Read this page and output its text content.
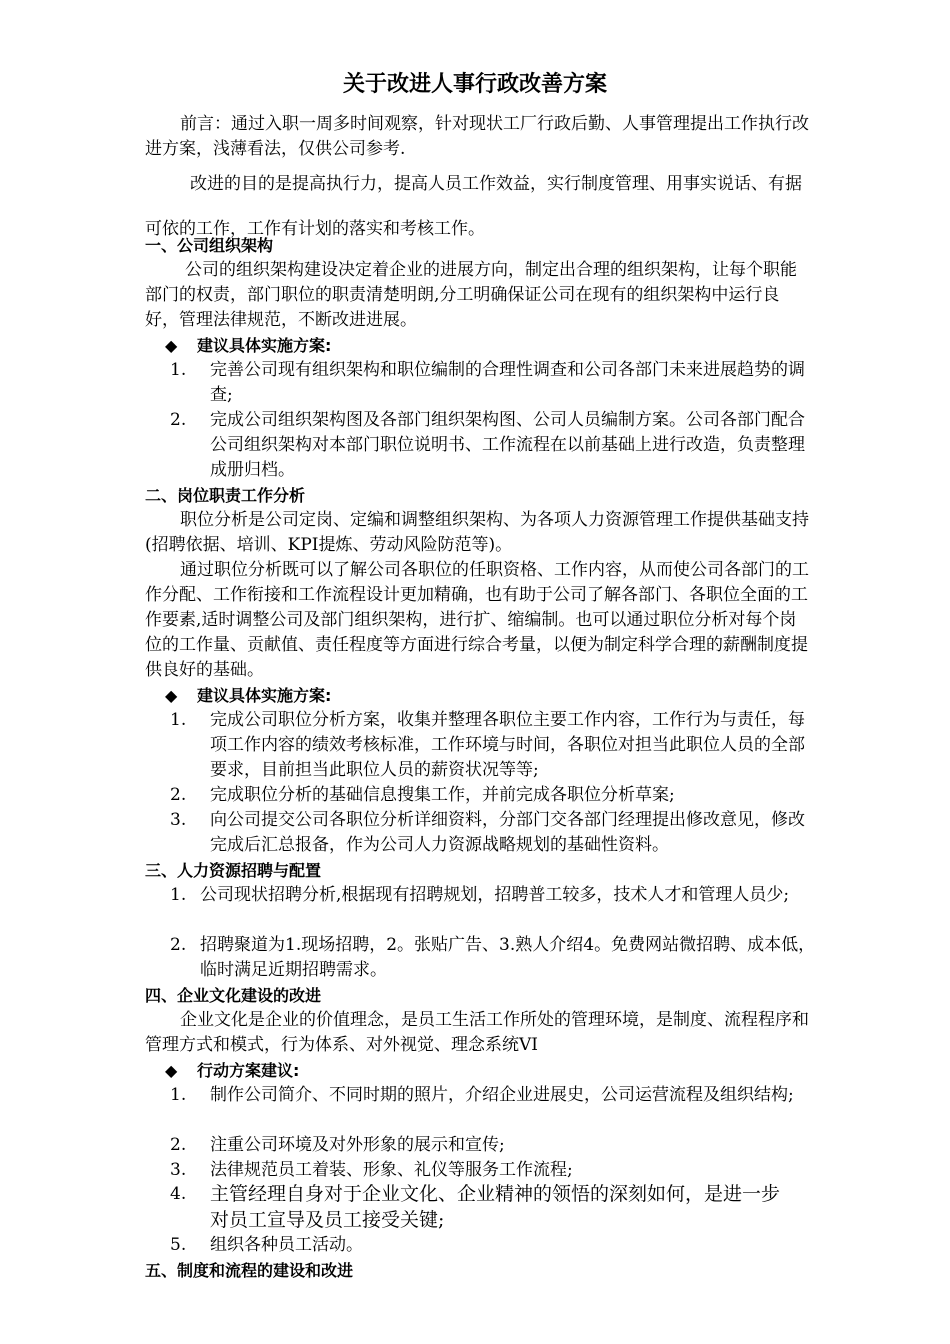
关于改进人事行政改善方案

前言：通过入职一周多时间观察，针对现状工厂行政后勤、人事管理提出工作执行改进方案，浅薄看法，仅供公司参考.

改进的目的是提高执行力，提高人员工作效益，实行制度管理、用事实说话、有据可依的工作，工作有计划的落实和考核工作。

一、公司组织架构

公司的组织架构建设决定着企业的进展方向，制定出合理的组织架构，让每个职能部门的权责，部门职位的职责清楚明朗,分工明确保证公司在现有的组织架构中运行良好，管理法律规范，不断改进进展。

◆ 建议具体实施方案:

1.	完善公司现有组织架构和职位编制的合理性调查和公司各部门未来进展趋势的调查;
2.	完成公司组织架构图及各部门组织架构图、公司人员编制方案。公司各部门配合公司组织架构对本部门职位说明书、工作流程在以前基础上进行改造，负责整理成册归档。

二、岗位职责工作分析

职位分析是公司定岗、定编和调整组织架构、为各项人力资源管理工作提供基础支持(招聘依据、培训、KPI提炼、劳动风险防范等)。

通过职位分析既可以了解公司各职位的任职资格、工作内容，从而使公司各部门的工作分配、工作衔接和工作流程设计更加精确，也有助于公司了解各部门、各职位全面的工作要素,适时调整公司及部门组织架构，进行扩、缩编制。也可以通过职位分析对每个岗位的工作量、贡献值、责任程度等方面进行综合考量，以便为制定科学合理的薪酬制度提供良好的基础。

◆ 建议具体实施方案:

1.	完成公司职位分析方案，收集并整理各职位主要工作内容，工作行为与责任，每项工作内容的绩效考核标准，工作环境与时间，各职位对担当此职位人员的全部要求，目前担当此职位人员的薪资状况等等;
2.	完成职位分析的基础信息搜集工作，并前完成各职位分析草案;
3.	向公司提交公司各职位分析详细资料，分部门交各部门经理提出修改意见，修改完成后汇总报备，作为公司人力资源战略规划的基础性资料。

三、人力资源招聘与配置

1. 公司现状招聘分析,根据现有招聘规划，招聘普工较多，技术人才和管理人员少;
2. 招聘聚道为1.现场招聘，2。张贴广告、3.熟人介绍4。免费网站微招聘、成本低，临时满足近期招聘需求。

四、企业文化建设的改进

企业文化是企业的价值理念，是员工生活工作所处的管理环境，是制度、流程程序和管理方式和模式，行为体系、对外视觉、理念系统VI

◆ 行动方案建议:

1.	制作公司简介、不同时期的照片，介绍企业进展史，公司运营流程及组织结构;
2.	注重公司环境及对外形象的展示和宣传;
3.	法律规范员工着装、形象、礼仪等服务工作流程;
4.	主管经理自身对于企业文化、企业精神的领悟的深刻如何，是进一步对员工宣导及员工接受关键;
5.	组织各种员工活动。

五、制度和流程的建设和改进
